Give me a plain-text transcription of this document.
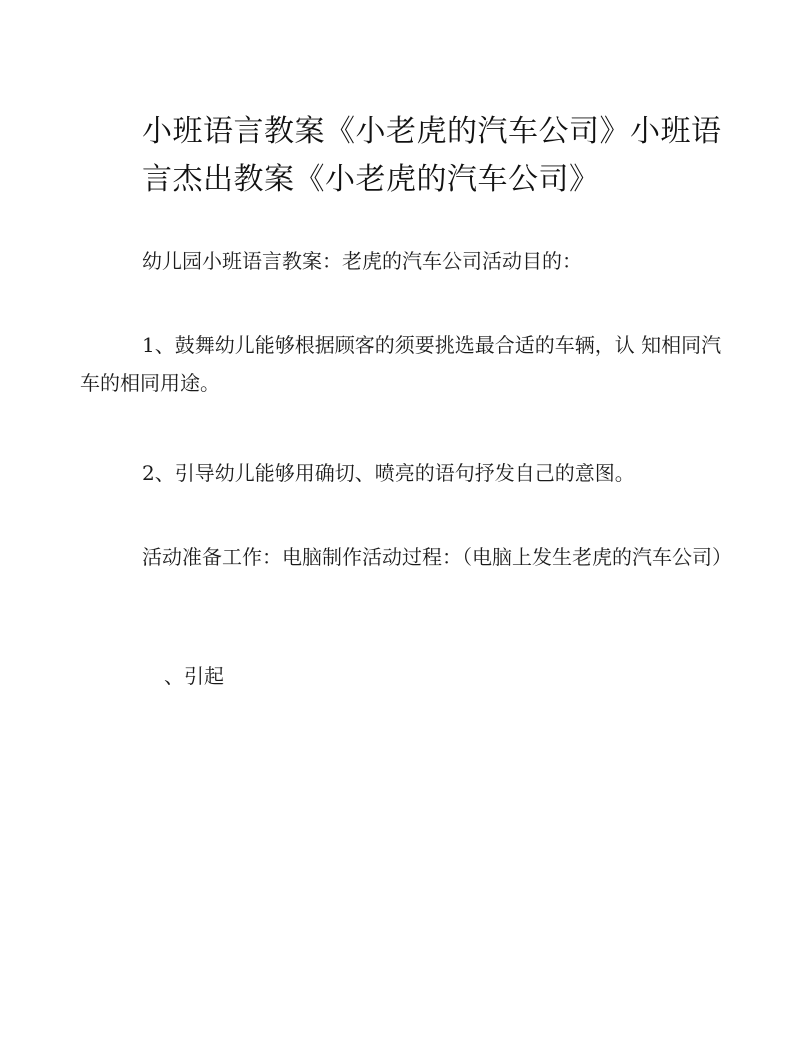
小班语言教案《小老虎的汽车公司》小班语言杰出教案《小老虎的汽车公司》

幼儿园小班语言教案：老虎的汽车公司活动目的：

1、鼓舞幼儿能够根据顾客的须要挑选最合适的车辆，认 知相同汽车的相同用途。

2、引导幼儿能够用确切、喷亮的语句抒发自己的意图。

活动准备工作：电脑制作活动过程：（电脑上发生老虎的汽车公司）

、引起
